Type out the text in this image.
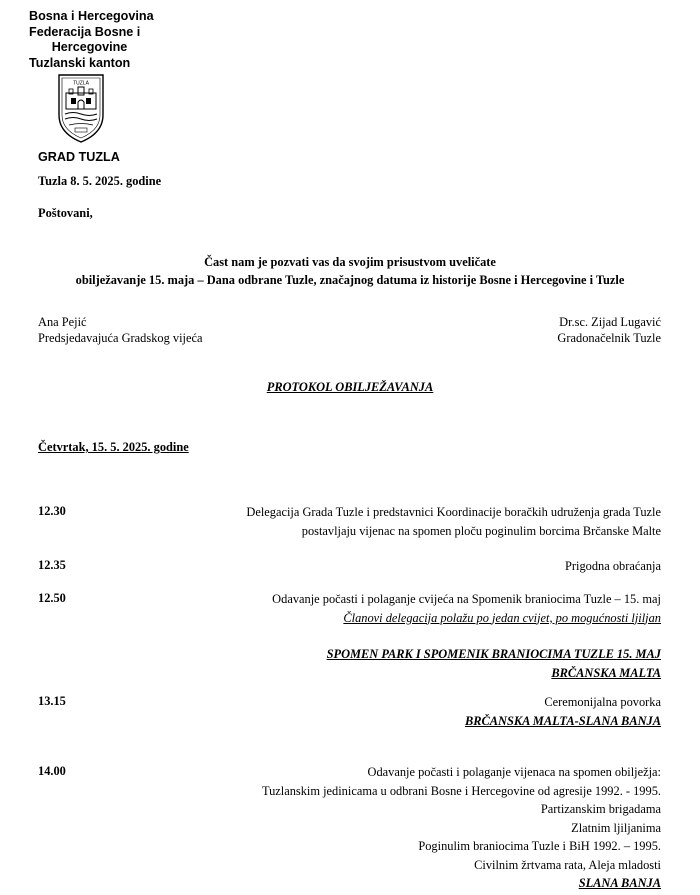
Bosna i Hercegovina
Federacija Bosne i
Hercegovine
Tuzlanski kanton
TUZLA
GRAD TUZLA
Tuzla 8. 5. 2025. godine
Poštovani,
Čast nam je pozvati vas da svojim prisustvom uveličate
obilježavanje 15. maja – Dana odbrane Tuzle, značajnog datuma iz historije Bosne i Hercegovine i Tuzle
Ana Pejić
Predsjedavajuća Gradskog vijeća
Dr.sc. Zijad Lugavić
Gradonačelnik Tuzle
PROTOKOL OBILJEŽAVANJA
Četvrtak, 15. 5. 2025. godine
12.30	Delegacija Grada Tuzle i predstavnici Koordinacije boračkih udruženja grada Tuzle
postavljaju vijenac na spomen ploču poginulim borcima Brčanske Malte
12.35	Prigodna obraćanja
12.50	Odavanje počasti i polaganje cvijeća na Spomenik braniocima Tuzle – 15. maj
Članovi delegacija polažu po jedan cvijet, po mogućnosti ljiljan
SPOMEN PARK I SPOMENIK BRANIOCIMA TUZLE 15. MAJ
BRČANSKA MALTA
13.15	Ceremonijalna povorka
BRČANSKA MALTA-SLANA BANJA
14.00	Odavanje počasti i polaganje vijenaca na spomen obilježja:
Tuzlanskim jedinicama u odbrani Bosne i Hercegovine od agresije 1992. - 1995.
Partizanskim brigadama
Zlatnim ljiljanima
Poginulim braniocima Tuzle i BiH 1992. – 1995.
Civilnim žrtvama rata, Aleja mladosti
SLANA BANJA
